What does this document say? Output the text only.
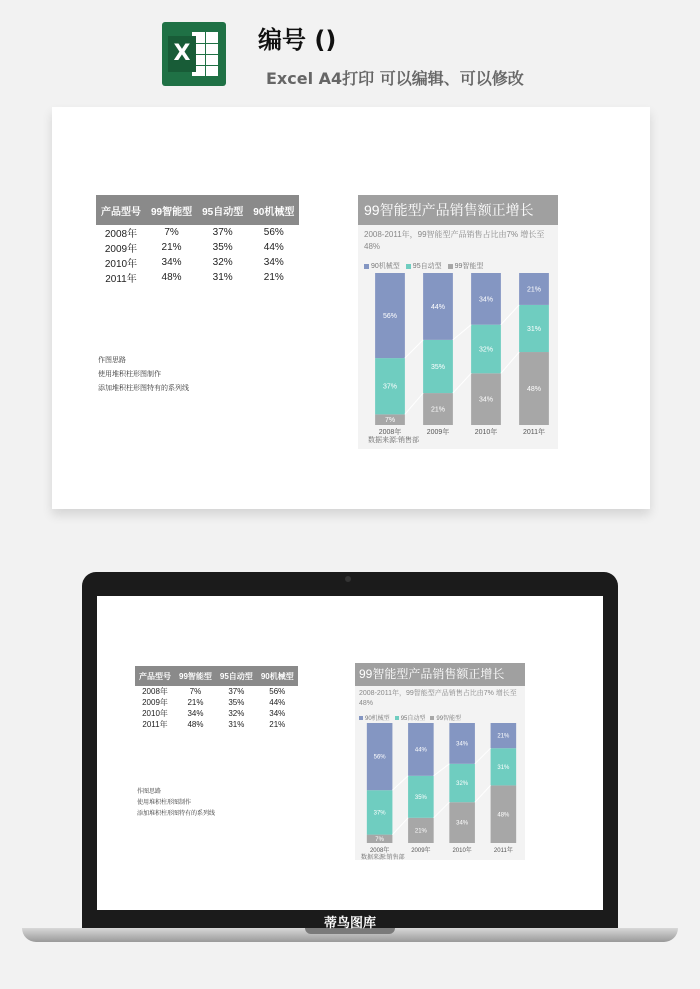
X	编号 ()
Excel A4打印 可以编辑、可以修改
产品型号	99智能型	95自动型	90机械型
2008年	7%	37%	56%
2009年	21%	35%	44%
2010年	34%	32%	34%
2011年	48%	31%	21%
作图思路
使用堆积柱形图制作
添加堆积柱形图特有的系列线
99智能型产品销售额正增长
2008-2011年，99智能型产品销售占比由7% 增长至48%
90机械型 95自动型 99智能型
7%
37%
56%
21%
35%
44%
34%
32%
34%
48%
31%
21%
2008年	2009年	2010年	2011年
数据来源:销售部
产品型号	99智能型	95自动型	90机械型
2008年	7%	37%	56%
2009年	21%	35%	44%
2010年	34%	32%	34%
2011年	48%	31%	21%
作图思路
使用堆积柱形图制作
添加堆积柱形图特有的系列线
99智能型产品销售额正增长
2008-2011年，99智能型产品销售占比由7% 增长至48%
90机械型 95自动型 99智能型
7%
37%
56%
21%
35%
44%
34%
32%
34%
48%
31%
21%
2008年	2009年	2010年	2011年
数据来源:销售部
蒂鸟图库
